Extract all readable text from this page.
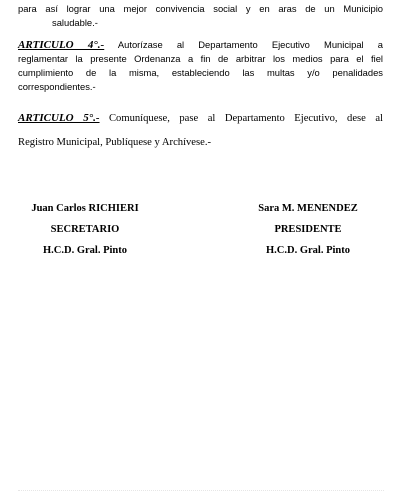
para así lograr una mejor convivencia social y en aras de un Municipio
saludable.-

ARTICULO 4°.- Autorízase al Departamento Ejecutivo Municipal a
reglamentar la presente Ordenanza a fin de arbitrar los medios para el fiel
cumplimiento de la misma, estableciendo las multas y/o penalidades
correspondientes.-

ARTICULO 5°.- Comuníquese, pase al Departamento Ejecutivo, dese al
Registro Municipal, Publíquese y Archívese.-

Juan Carlos RICHIERI
SECRETARIO
H.C.D. Gral. Pinto
Sara M. MENENDEZ
PRESIDENTE
H.C.D. Gral. Pinto
